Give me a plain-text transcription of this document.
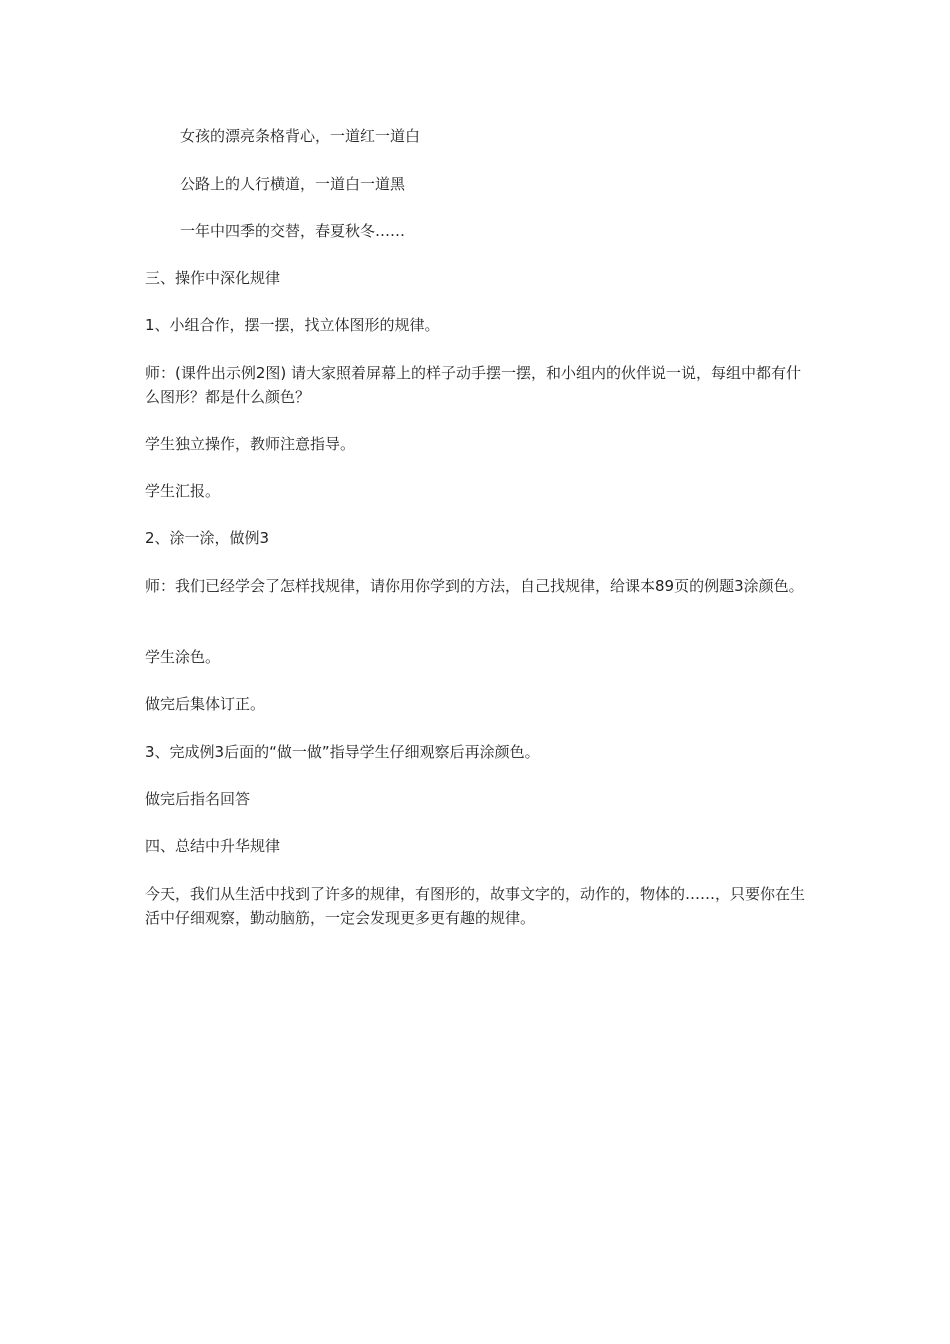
女孩的漂亮条格背心，一道红一道白

公路上的人行横道，一道白一道黑

一年中四季的交替，春夏秋冬……

三、操作中深化规律

1、小组合作，摆一摆，找立体图形的规律。

师：(课件出示例2图) 请大家照着屏幕上的样子动手摆一摆，和小组内的伙伴说一说，每组中都有什么图形？都是什么颜色？

学生独立操作，教师注意指导。

学生汇报。

2、涂一涂，做例3

师：我们已经学会了怎样找规律，请你用你学到的方法，自己找规律，给课本89页的例题3涂颜色。

学生涂色。

做完后集体订正。

3、完成例3后面的“做一做”指导学生仔细观察后再涂颜色。

做完后指名回答

四、总结中升华规律

今天，我们从生活中找到了许多的规律，有图形的，故事文字的，动作的，物体的……，只要你在生活中仔细观察，勤动脑筋，一定会发现更多更有趣的规律。
